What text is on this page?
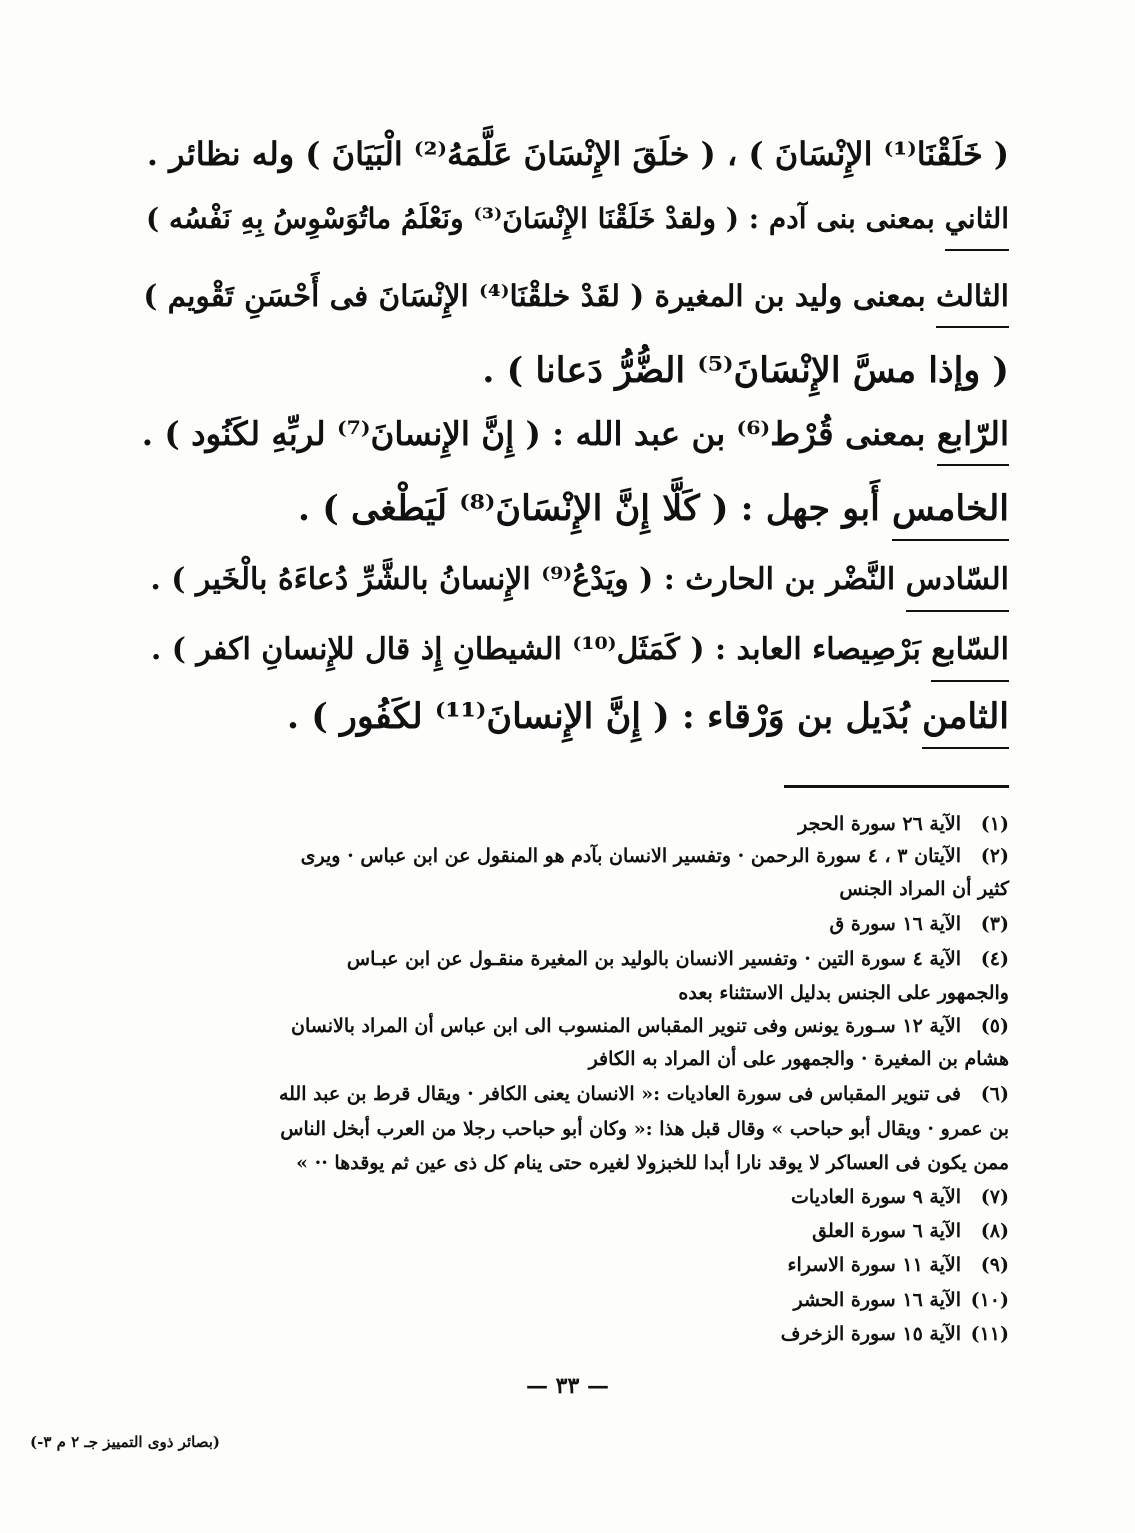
( خَلَقْنَا⁽¹⁾ الإِنْسَانَ ) ، ( خلَقَ الإِنْسَانَ عَلَّمَهُ⁽²⁾ الْبَيَانَ ) وله نظائر .
الثاني بمعنى بنى آدم : ( ولقدْ خَلَقْنَا الإِنْسَانَ⁽³⁾ ونَعْلَمُ ماتُوَسْوِسُ بِهِ نَفْسُه )
الثالث بمعنى وليد بن المغيرة ( لقَدْ خلقْنَا⁽⁴⁾ الإِنْسَانَ فى أَحْسَنِ تَقْويم )
( وإذا مسَّ الإِنْسَانَ⁽⁵⁾ الضُّرُّ دَعانا ) .
الرّابع بمعنى قُرْط⁽⁶⁾ بن عبد الله : ( إِنَّ الإِنسانَ⁽⁷⁾ لربِّهِ لكَنُود ) .
الخامس أَبو جهل : ( كَلَّا إِنَّ الإِنْسَانَ⁽⁸⁾ لَيَطْغى ) .
السّادس النَّضْر بن الحارث : ( ويَدْعُ⁽⁹⁾ الإِنسانُ بالشَّرِّ دُعاءَهُ بالْخَير ) .
السّابع بَرْصِيصاء العابد : ( كَمَثَل⁽¹⁰⁾ الشيطانِ إِذ قال للإِنسانِ اكفر ) .
الثامن بُدَيل بن وَرْقاء : ( إِنَّ الإِنسانَ⁽¹¹⁾ لكَفُور ) .
(١)الآية ٢٦ سورة الحجر
(٢)الآيتان ٣ ، ٤ سورة الرحمن · وتفسير الانسان بآدم هو المنقول عن ابن عباس · ويرى
كثير أن المراد الجنس
(٣)الآية ١٦ سورة ق
(٤)الآية ٤ سورة التين · وتفسير الانسان بالوليد بن المغيرة منقـول عن ابن عبـاس
والجمهور على الجنس بدليل الاستثناء بعده
(٥)الآية ١٢ سـورة يونس وفى تنوير المقباس المنسوب الى ابن عباس أن المراد بالانسان
هشام بن المغيرة · والجمهور على أن المراد به الكافر
(٦)فى تنوير المقباس فى سورة العاديات :« الانسان يعنى الكافر · ويقال قرط بن عبد الله
بن عمرو · ويقال أبو حباحب » وقال قبل هذا :« وكان أبو حباحب رجلا من العرب أبخل الناس
ممن يكون فى العساكر لا يوقد نارا أبدا للخبزولا لغيره حتى ينام كل ذى عين ثم يوقدها ·· »
(٧)الآية ٩ سورة العاديات
(٨)الآية ٦ سورة العلق
(٩)الآية ١١ سورة الاسراء
(١٠)الآية ١٦ سورة الحشر
(١١)الآية ١٥ سورة الزخرف
— ٣٣ —
(بصائر ذوى التمييز جـ ٢ م ٣-)
